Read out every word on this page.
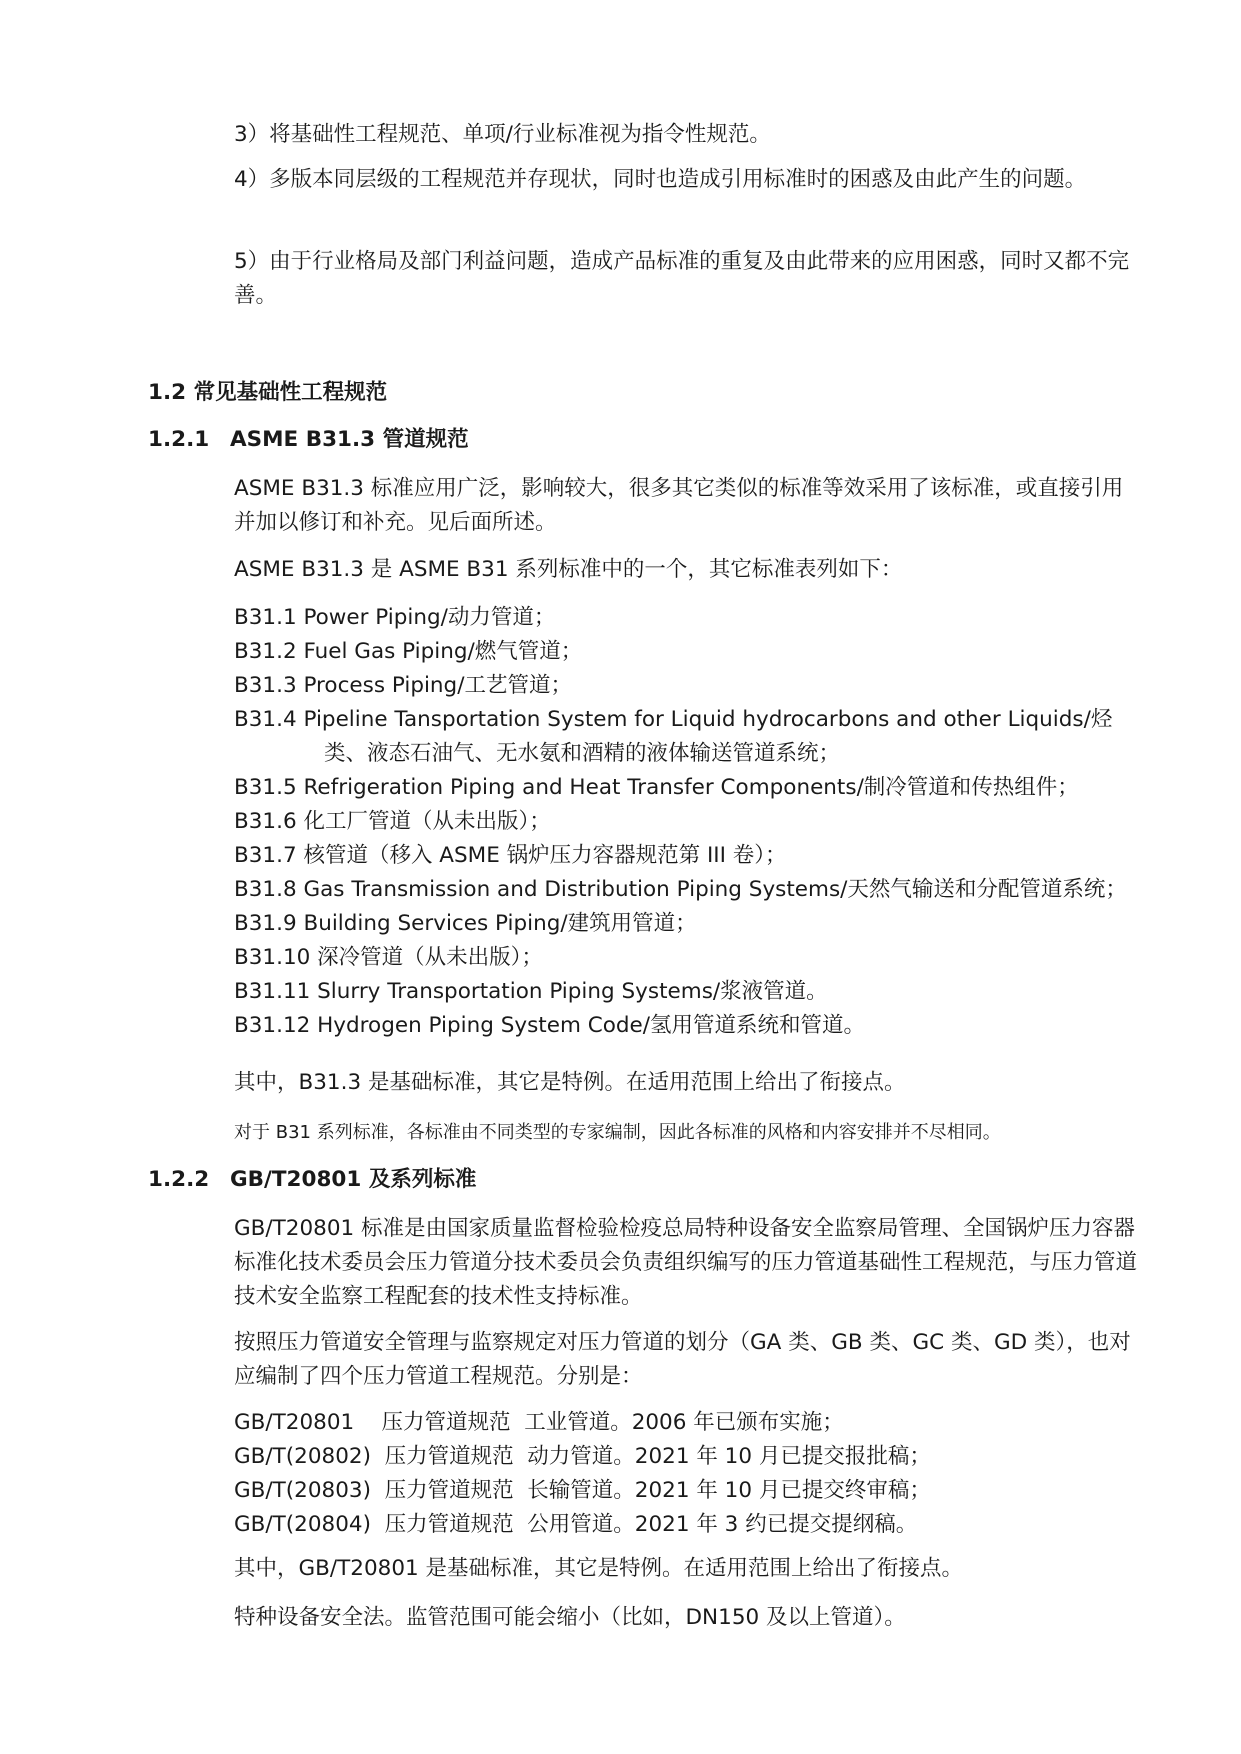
3）将基础性工程规范、单项/行业标准视为指令性规范。

4）多版本同层级的工程规范并存现状，同时也造成引用标准时的困惑及由此产生的问题。

5）由于行业格局及部门利益问题，造成产品标准的重复及由此带来的应用困惑，同时又都不完善。

1.2 常见基础性工程规范
1.2.1 ASME B31.3 管道规范

ASME B31.3 标准应用广泛，影响较大，很多其它类似的标准等效采用了该标准，或直接引用并加以修订和补充。见后面所述。

ASME B31.3 是 ASME B31 系列标准中的一个，其它标准表列如下：

B31.1 Power Piping/动力管道；
B31.2 Fuel Gas Piping/燃气管道；
B31.3 Process Piping/工艺管道；
B31.4 Pipeline Tansportation System for Liquid hydrocarbons and other Liquids/烃类、液态石油气、无水氨和酒精的液体输送管道系统；
B31.5 Refrigeration Piping and Heat Transfer Components/制冷管道和传热组件；
B31.6 化工厂管道（从未出版）；
B31.7 核管道（移入 ASME 锅炉压力容器规范第 III 卷）；
B31.8 Gas Transmission and Distribution Piping Systems/天然气输送和分配管道系统；
B31.9 Building Services Piping/建筑用管道；
B31.10 深冷管道（从未出版）；
B31.11 Slurry Transportation Piping Systems/浆液管道。
B31.12 Hydrogen Piping System Code/氢用管道系统和管道。

其中，B31.3 是基础标准，其它是特例。在适用范围上给出了衔接点。

对于 B31 系列标准，各标准由不同类型的专家编制，因此各标准的风格和内容安排并不尽相同。

1.2.2 GB/T20801 及系列标准

GB/T20801 标准是由国家质量监督检验检疫总局特种设备安全监察局管理、全国锅炉压力容器标准化技术委员会压力管道分技术委员会负责组织编写的压力管道基础性工程规范，与压力管道技术安全监察工程配套的技术性支持标准。

按照压力管道安全管理与监察规定对压力管道的划分（GA 类、GB 类、GC 类、GD 类），也对应编制了四个压力管道工程规范。分别是：

GB/T20801    压力管道规范  工业管道。2006 年已颁布实施；
GB/T(20802)  压力管道规范  动力管道。2021 年 10 月已提交报批稿；
GB/T(20803)  压力管道规范  长输管道。2021 年 10 月已提交终审稿；
GB/T(20804)  压力管道规范  公用管道。2021 年 3 约已提交提纲稿。

其中，GB/T20801 是基础标准，其它是特例。在适用范围上给出了衔接点。

特种设备安全法。监管范围可能会缩小（比如，DN150 及以上管道）。
